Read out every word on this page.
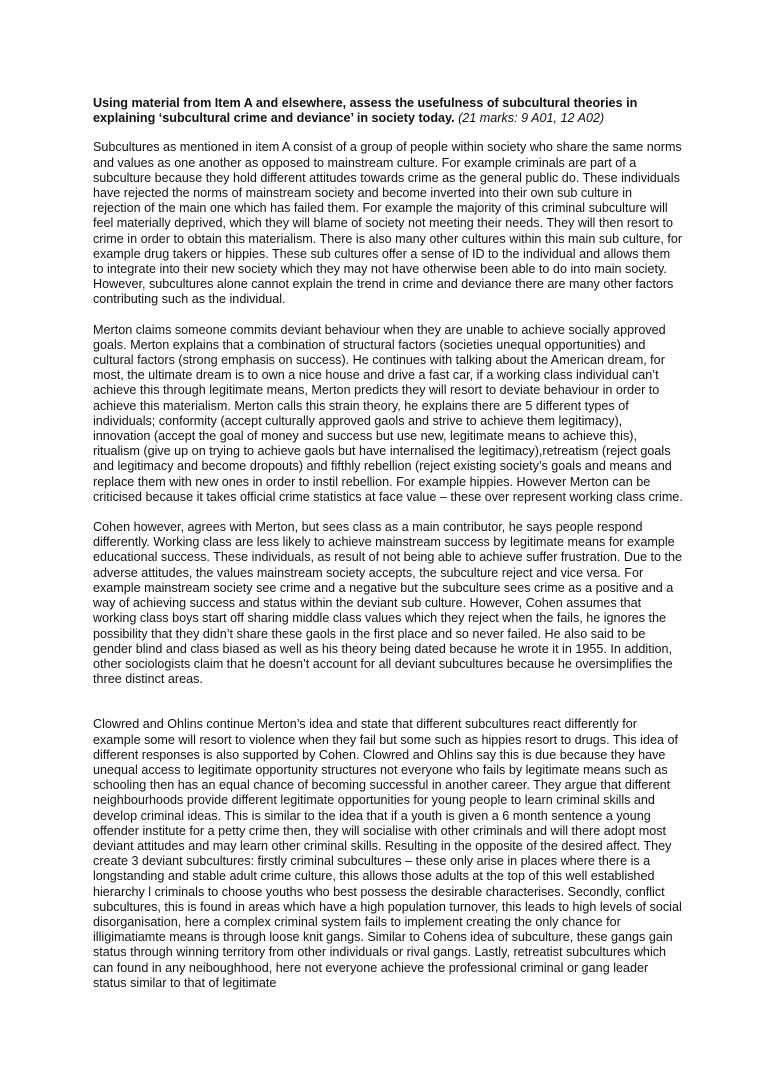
Using material from Item A and elsewhere, assess the usefulness of subcultural theories in explaining ‘subcultural crime and deviance’ in society today. (21 marks: 9 A01, 12 A02)

Subcultures as mentioned in item A consist of a group of people within society who share the same norms and values as one another as opposed to mainstream culture. For example criminals are part of a subculture because they hold different attitudes towards crime as the general public do. These individuals have rejected the norms of mainstream society and become inverted into their own sub culture in rejection of the main one which has failed them. For example the majority of this criminal subculture will feel materially deprived, which they will blame of society not meeting their needs. They will then resort to crime in order to obtain this materialism. There is also many other cultures within this main sub culture, for example drug takers or hippies. These sub cultures offer a sense of ID to the individual and allows them to integrate into their new society which they may not have otherwise been able to do into main society. However, subcultures alone cannot explain the trend in crime and deviance there are many other factors contributing such as the individual.

Merton claims someone commits deviant behaviour when they are unable to achieve socially approved goals. Merton explains that a combination of structural factors (societies unequal opportunities) and cultural factors (strong emphasis on success). He continues with talking about the American dream, for most, the ultimate dream is to own a nice house and drive a fast car, if a working class individual can’t achieve this through legitimate means, Merton predicts they will resort to deviate behaviour in order to achieve this materialism. Merton calls this strain theory, he explains there are 5 different types of individuals; conformity (accept culturally approved gaols and strive to achieve them legitimacy), innovation (accept the goal of money and success but use new, legitimate means to achieve this), ritualism (give up on trying to achieve gaols but have internalised the legitimacy),retreatism (reject goals and legitimacy and become dropouts) and fifthly rebellion (reject existing society’s goals and means and replace them with new ones in order to instil rebellion. For example hippies. However Merton can be criticised because it takes official crime statistics at face value – these over represent working class crime.

Cohen however, agrees with Merton, but sees class as a main contributor, he says people respond differently. Working class are less likely to achieve mainstream success by legitimate means for example educational success. These individuals, as result of not being able to achieve suffer frustration. Due to the adverse attitudes, the values mainstream society accepts, the subculture reject and vice versa. For example mainstream society see crime and a negative but the subculture sees crime as a positive and a way of achieving success and status within the deviant sub culture. However, Cohen assumes that working class boys start off sharing middle class values which they reject when the fails, he ignores the possibility that they didn’t share these gaols in the first place and so never failed. He also said to be gender blind and class biased as well as his theory being dated because he wrote it in 1955. In addition, other sociologists claim that he doesn’t account for all deviant subcultures because he oversimplifies the three distinct areas.

Clowred and Ohlins continue Merton’s idea and state that different subcultures react differently for example some will resort to violence when they fail but some such as hippies resort to drugs. This idea of different responses is also supported by Cohen. Clowred and Ohlins say this is due because they have unequal access to legitimate opportunity structures not everyone who fails by legitimate means such as schooling then has an equal chance of becoming successful in another career. They argue that different neighbourhoods provide different legitimate opportunities for young people to learn criminal skills and develop criminal ideas. This is similar to the idea that if a youth is given a 6 month sentence a young offender institute for a petty crime then, they will socialise with other criminals and will there adopt most deviant attitudes and may learn other criminal skills. Resulting in the opposite of the desired affect. They create 3 deviant subcultures: firstly criminal subcultures – these only arise in places where there is a longstanding and stable adult crime culture, this allows those adults at the top of this well established hierarchy l criminals to choose youths who best possess the desirable characterises. Secondly, conflict subcultures, this is found in areas which have a high population turnover, this leads to high levels of social disorganisation, here a complex criminal system fails to implement creating the only chance for illigimatiamte means is through loose knit gangs. Similar to Cohens idea of subculture, these gangs gain status through winning territory from other individuals or rival gangs. Lastly, retreatist subcultures which can found in any neiboughhood, here not everyone achieve the professional criminal or gang leader status similar to that of legitimate
